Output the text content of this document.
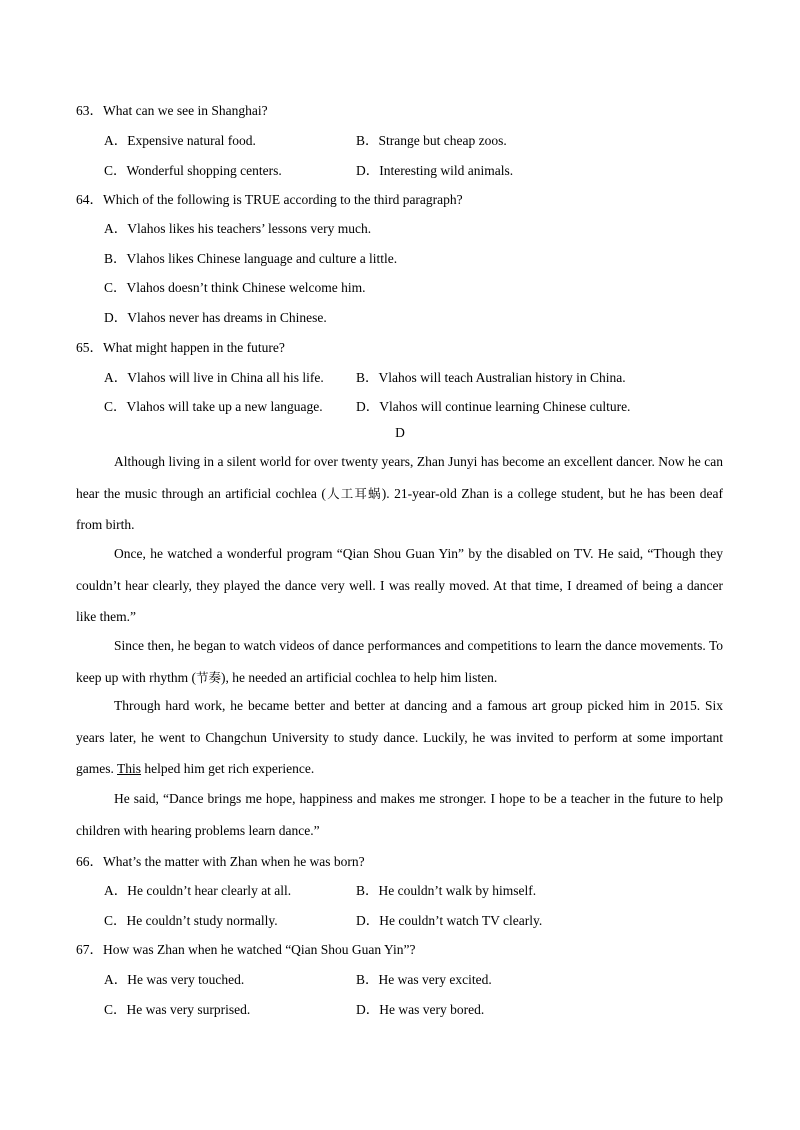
63．What can we see in Shanghai?
A．Expensive natural food.	B．Strange but cheap zoos.
C．Wonderful shopping centers.	D．Interesting wild animals.
64．Which of the following is TRUE according to the third paragraph?
A．Vlahos likes his teachers’ lessons very much.
B．Vlahos likes Chinese language and culture a little.
C．Vlahos doesn’t think Chinese welcome him.
D．Vlahos never has dreams in Chinese.
65．What might happen in the future?
A．Vlahos will live in China all his life. B．Vlahos will teach Australian history in China.
C．Vlahos will take up a new language. D．Vlahos will continue learning Chinese culture.
D
Although living in a silent world for over twenty years, Zhan Junyi has become an excellent dancer. Now he can hear the music through an artificial cochlea (人工耳蜗). 21-year-old Zhan is a college student, but he has been deaf from birth.
Once, he watched a wonderful program “Qian Shou Guan Yin” by the disabled on TV. He said, “Though they couldn’t hear clearly, they played the dance very well. I was really moved. At that time, I dreamed of being a dancer like them.”
Since then, he began to watch videos of dance performances and competitions to learn the dance movements. To keep up with rhythm (节奏), he needed an artificial cochlea to help him listen.
Through hard work, he became better and better at dancing and a famous art group picked him in 2015. Six years later, he went to Changchun University to study dance. Luckily, he was invited to perform at some important games. This helped him get rich experience.
He said, “Dance brings me hope, happiness and makes me stronger. I hope to be a teacher in the future to help children with hearing problems learn dance.”
66．What’s the matter with Zhan when he was born?
A．He couldn’t hear clearly at all.	B．He couldn’t walk by himself.
C．He couldn’t study normally.	D．He couldn’t watch TV clearly.
67．How was Zhan when he watched “Qian Shou Guan Yin”?
A．He was very touched.	B．He was very excited.
C．He was very surprised.	D．He was very bored.
